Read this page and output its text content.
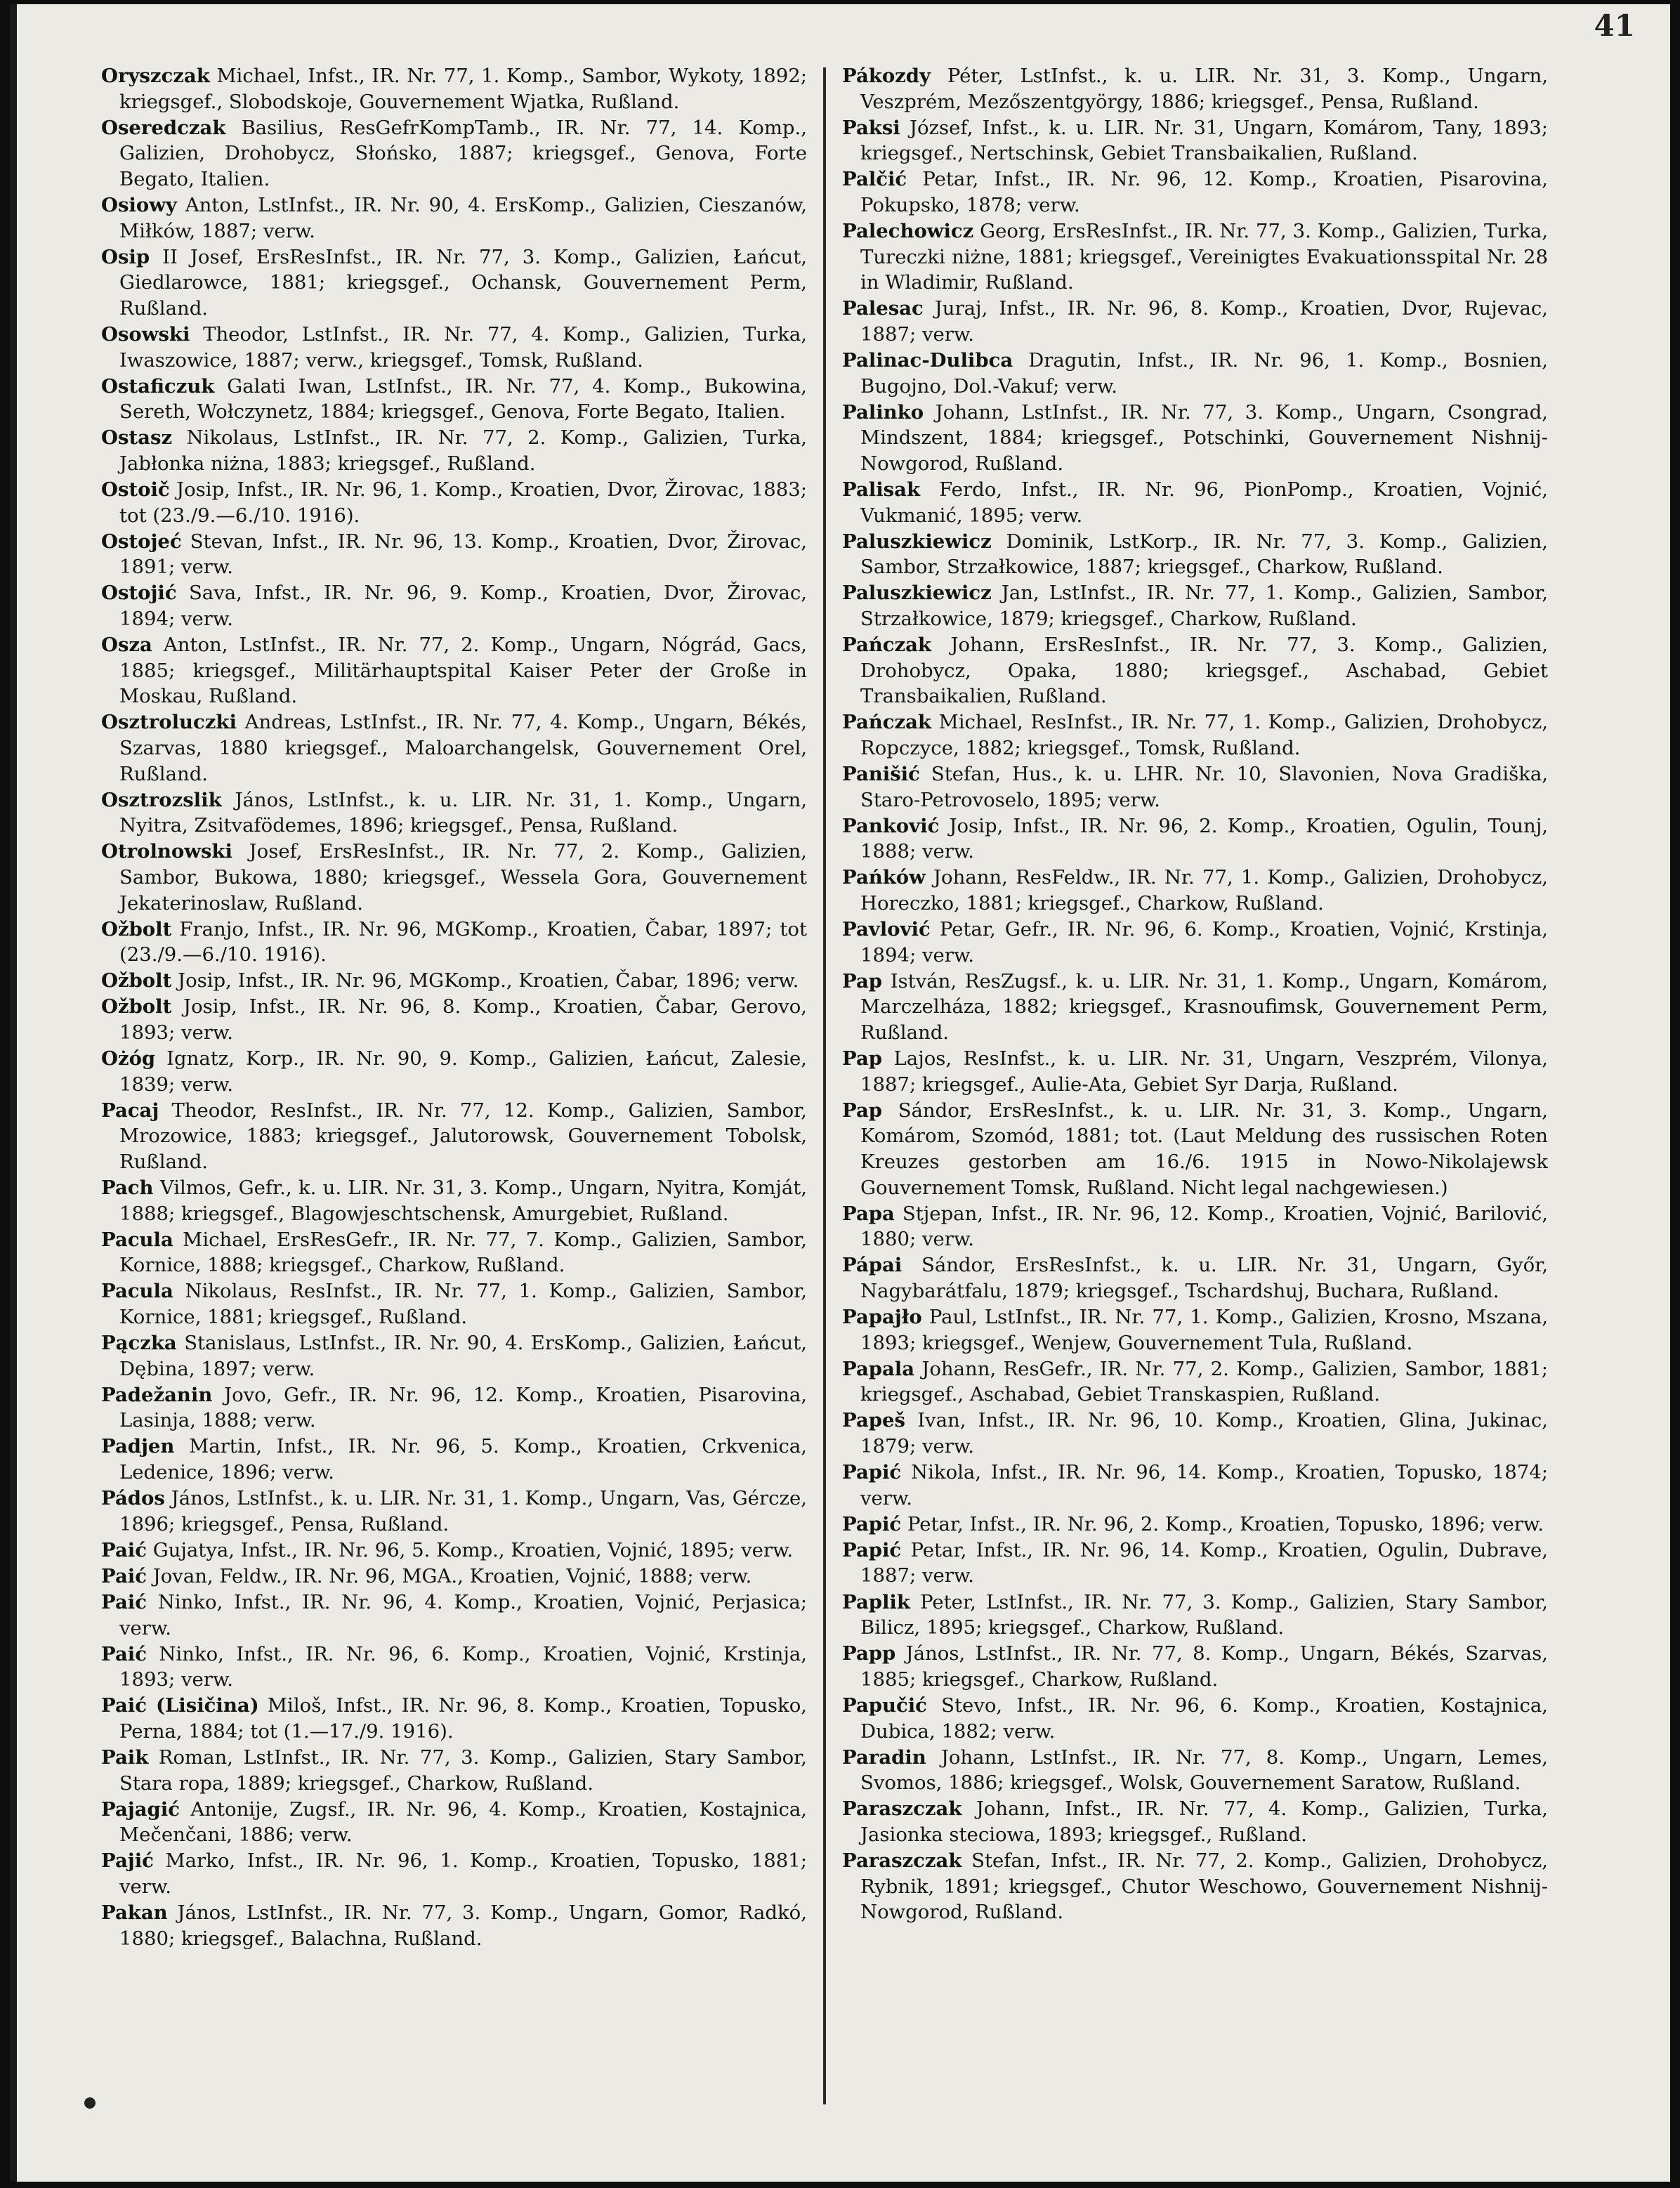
41

Oryszczak Michael, Infst., IR. Nr. 77, 1. Komp., Sambor, Wykoty, 1892; kriegsgef., Slobodskoje, Gouvernement Wjatka, Rußland.

Oseredczak Basilius, ResGefrKompTamb., IR. Nr. 77, 14. Komp., Galizien, Drohobycz, Słońsko, 1887; kriegsgef., Genova, Forte Begato, Italien.

Osiowy Anton, LstInfst., IR. Nr. 90, 4. ErsKomp., Galizien, Cieszanów, Miłków, 1887; verw.

Osip II Josef, ErsResInfst., IR. Nr. 77, 3. Komp., Galizien, Łańcut, Giedlarowce, 1881; kriegsgef., Ochansk, Gouvernement Perm, Rußland.

Osowski Theodor, LstInfst., IR. Nr. 77, 4. Komp., Galizien, Turka, Iwaszowice, 1887; verw., kriegsgef., Tomsk, Rußland.

Ostaficzuk Galati Iwan, LstInfst., IR. Nr. 77, 4. Komp., Bukowina, Sereth, Wołczynetz, 1884; kriegsgef., Genova, Forte Begato, Italien.

Ostasz Nikolaus, LstInfst., IR. Nr. 77, 2. Komp., Galizien, Turka, Jabłonka niżna, 1883; kriegsgef., Rußland.

Ostoič Josip, Infst., IR. Nr. 96, 1. Komp., Kroatien, Dvor, Žirovac, 1883; tot (23./9.—6./10. 1916).

Ostojeć Stevan, Infst., IR. Nr. 96, 13. Komp., Kroatien, Dvor, Žirovac, 1891; verw.

Ostojić Sava, Infst., IR. Nr. 96, 9. Komp., Kroatien, Dvor, Žirovac, 1894; verw.

Osza Anton, LstInfst., IR. Nr. 77, 2. Komp., Ungarn, Nógrád, Gacs, 1885; kriegsgef., Militärhauptspital Kaiser Peter der Große in Moskau, Rußland.

Osztroluczki Andreas, LstInfst., IR. Nr. 77, 4. Komp., Ungarn, Békés, Szarvas, 1880 kriegsgef., Maloarchangelsk, Gouvernement Orel, Rußland.

Osztrozslik János, LstInfst., k. u. LIR. Nr. 31, 1. Komp., Ungarn, Nyitra, Zsitvafödemes, 1896; kriegsgef., Pensa, Rußland.

Otrolnowski Josef, ErsResInfst., IR. Nr. 77, 2. Komp., Galizien, Sambor, Bukowa, 1880; kriegsgef., Wessela Gora, Gouvernement Jekaterinoslaw, Rußland.

Ožbolt Franjo, Infst., IR. Nr. 96, MGKomp., Kroatien, Čabar, 1897; tot (23./9.—6./10. 1916).

Ožbolt Josip, Infst., IR. Nr. 96, MGKomp., Kroatien, Čabar, 1896; verw.

Ožbolt Josip, Infst., IR. Nr. 96, 8. Komp., Kroatien, Čabar, Gerovo, 1893; verw.

Ożóg Ignatz, Korp., IR. Nr. 90, 9. Komp., Galizien, Łańcut, Zalesie, 1839; verw.

Pacaj Theodor, ResInfst., IR. Nr. 77, 12. Komp., Galizien, Sambor, Mrozowice, 1883; kriegsgef., Jalutorowsk, Gouvernement Tobolsk, Rußland.

Pach Vilmos, Gefr., k. u. LIR. Nr. 31, 3. Komp., Ungarn, Nyitra, Komját, 1888; kriegsgef., Blagowjeschtschensk, Amurgebiet, Rußland.

Pacula Michael, ErsResGefr., IR. Nr. 77, 7. Komp., Galizien, Sambor, Kornice, 1888; kriegsgef., Charkow, Rußland.

Pacula Nikolaus, ResInfst., IR. Nr. 77, 1. Komp., Galizien, Sambor, Kornice, 1881; kriegsgef., Rußland.

Pączka Stanislaus, LstInfst., IR. Nr. 90, 4. ErsKomp., Galizien, Łańcut, Dębina, 1897; verw.

Padežanin Jovo, Gefr., IR. Nr. 96, 12. Komp., Kroatien, Pisarovina, Lasinja, 1888; verw.

Padjen Martin, Infst., IR. Nr. 96, 5. Komp., Kroatien, Crkvenica, Ledenice, 1896; verw.

Pádos János, LstInfst., k. u. LIR. Nr. 31, 1. Komp., Ungarn, Vas, Gércze, 1896; kriegsgef., Pensa, Rußland.

Paić Gujatya, Infst., IR. Nr. 96, 5. Komp., Kroatien, Vojnić, 1895; verw.

Paić Jovan, Feldw., IR. Nr. 96, MGA., Kroatien, Vojnić, 1888; verw.

Paić Ninko, Infst., IR. Nr. 96, 4. Komp., Kroatien, Vojnić, Perjasica; verw.

Paić Ninko, Infst., IR. Nr. 96, 6. Komp., Kroatien, Vojnić, Krstinja, 1893; verw.

Paić (Lisičina) Miloš, Infst., IR. Nr. 96, 8. Komp., Kroatien, Topusko, Perna, 1884; tot (1.—17./9. 1916).

Paik Roman, LstInfst., IR. Nr. 77, 3. Komp., Galizien, Stary Sambor, Stara ropa, 1889; kriegsgef., Charkow, Rußland.

Pajagić Antonije, Zugsf., IR. Nr. 96, 4. Komp., Kroatien, Kostajnica, Mečenčani, 1886; verw.

Pajić Marko, Infst., IR. Nr. 96, 1. Komp., Kroatien, Topusko, 1881; verw.

Pakan János, LstInfst., IR. Nr. 77, 3. Komp., Ungarn, Gomor, Radkó, 1880; kriegsgef., Balachna, Rußland.

Pákozdy Péter, LstInfst., k. u. LIR. Nr. 31, 3. Komp., Ungarn, Veszprém, Mezőszentgyörgy, 1886; kriegsgef., Pensa, Rußland.

Paksi József, Infst., k. u. LIR. Nr. 31, Ungarn, Komárom, Tany, 1893; kriegsgef., Nertschinsk, Gebiet Transbaikalien, Rußland.

Palčić Petar, Infst., IR. Nr. 96, 12. Komp., Kroatien, Pisarovina, Pokupsko, 1878; verw.

Palechowicz Georg, ErsResInfst., IR. Nr. 77, 3. Komp., Galizien, Turka, Tureczki niżne, 1881; kriegsgef., Vereinigtes Evakuationsspital Nr. 28 in Wladimir, Rußland.

Palesac Juraj, Infst., IR. Nr. 96, 8. Komp., Kroatien, Dvor, Rujevac, 1887; verw.

Palinac-Dulibca Dragutin, Infst., IR. Nr. 96, 1. Komp., Bosnien, Bugojno, Dol.-Vakuf; verw.

Palinko Johann, LstInfst., IR. Nr. 77, 3. Komp., Ungarn, Csongrad, Mindszent, 1884; kriegsgef., Potschinki, Gouvernement Nishnij-Nowgorod, Rußland.

Palisak Ferdo, Infst., IR. Nr. 96, PionPomp., Kroatien, Vojnić, Vukmanić, 1895; verw.

Paluszkiewicz Dominik, LstKorp., IR. Nr. 77, 3. Komp., Galizien, Sambor, Strzałkowice, 1887; kriegsgef., Charkow, Rußland.

Paluszkiewicz Jan, LstInfst., IR. Nr. 77, 1. Komp., Galizien, Sambor, Strzałkowice, 1879; kriegsgef., Charkow, Rußland.

Pańczak Johann, ErsResInfst., IR. Nr. 77, 3. Komp., Galizien, Drohobycz, Opaka, 1880; kriegsgef., Aschabad, Gebiet Transbaikalien, Rußland.

Pańczak Michael, ResInfst., IR. Nr. 77, 1. Komp., Galizien, Drohobycz, Ropczyce, 1882; kriegsgef., Tomsk, Rußland.

Panišić Stefan, Hus., k. u. LHR. Nr. 10, Slavonien, Nova Gradiška, Staro-Petrovoselo, 1895; verw.

Panković Josip, Infst., IR. Nr. 96, 2. Komp., Kroatien, Ogulin, Tounj, 1888; verw.

Pańków Johann, ResFeldw., IR. Nr. 77, 1. Komp., Galizien, Drohobycz, Horeczko, 1881; kriegsgef., Charkow, Rußland.

Pavlović Petar, Gefr., IR. Nr. 96, 6. Komp., Kroatien, Vojnić, Krstinja, 1894; verw.

Pap István, ResZugsf., k. u. LIR. Nr. 31, 1. Komp., Ungarn, Komárom, Marczelháza, 1882; kriegsgef., Krasnoufimsk, Gouvernement Perm, Rußland.

Pap Lajos, ResInfst., k. u. LIR. Nr. 31, Ungarn, Veszprém, Vilonya, 1887; kriegsgef., Aulie-Ata, Gebiet Syr Darja, Rußland.

Pap Sándor, ErsResInfst., k. u. LIR. Nr. 31, 3. Komp., Ungarn, Komárom, Szomód, 1881; tot. (Laut Meldung des russischen Roten Kreuzes gestorben am 16./6. 1915 in Nowo-Nikolajewsk Gouvernement Tomsk, Rußland. Nicht legal nachgewiesen.)

Papa Stjepan, Infst., IR. Nr. 96, 12. Komp., Kroatien, Vojnić, Barilović, 1880; verw.

Pápai Sándor, ErsResInfst., k. u. LIR. Nr. 31, Ungarn, Győr, Nagybarátfalu, 1879; kriegsgef., Tschardshuj, Buchara, Rußland.

Papajło Paul, LstInfst., IR. Nr. 77, 1. Komp., Galizien, Krosno, Mszana, 1893; kriegsgef., Wenjew, Gouvernement Tula, Rußland.

Papala Johann, ResGefr., IR. Nr. 77, 2. Komp., Galizien, Sambor, 1881; kriegsgef., Aschabad, Gebiet Transkaspien, Rußland.

Papeš Ivan, Infst., IR. Nr. 96, 10. Komp., Kroatien, Glina, Jukinac, 1879; verw.

Papić Nikola, Infst., IR. Nr. 96, 14. Komp., Kroatien, Topusko, 1874; verw.

Papić Petar, Infst., IR. Nr. 96, 2. Komp., Kroatien, Topusko, 1896; verw.

Papić Petar, Infst., IR. Nr. 96, 14. Komp., Kroatien, Ogulin, Dubrave, 1887; verw.

Paplik Peter, LstInfst., IR. Nr. 77, 3. Komp., Galizien, Stary Sambor, Bilicz, 1895; kriegsgef., Charkow, Rußland.

Papp János, LstInfst., IR. Nr. 77, 8. Komp., Ungarn, Békés, Szarvas, 1885; kriegsgef., Charkow, Rußland.

Papučić Stevo, Infst., IR. Nr. 96, 6. Komp., Kroatien, Kostajnica, Dubica, 1882; verw.

Paradin Johann, LstInfst., IR. Nr. 77, 8. Komp., Ungarn, Lemes, Svomos, 1886; kriegsgef., Wolsk, Gouvernement Saratow, Rußland.

Paraszczak Johann, Infst., IR. Nr. 77, 4. Komp., Galizien, Turka, Jasionka steciowa, 1893; kriegsgef., Rußland.

Paraszczak Stefan, Infst., IR. Nr. 77, 2. Komp., Galizien, Drohobycz, Rybnik, 1891; kriegsgef., Chutor Weschowo, Gouvernement Nishnij-Nowgorod, Rußland.
